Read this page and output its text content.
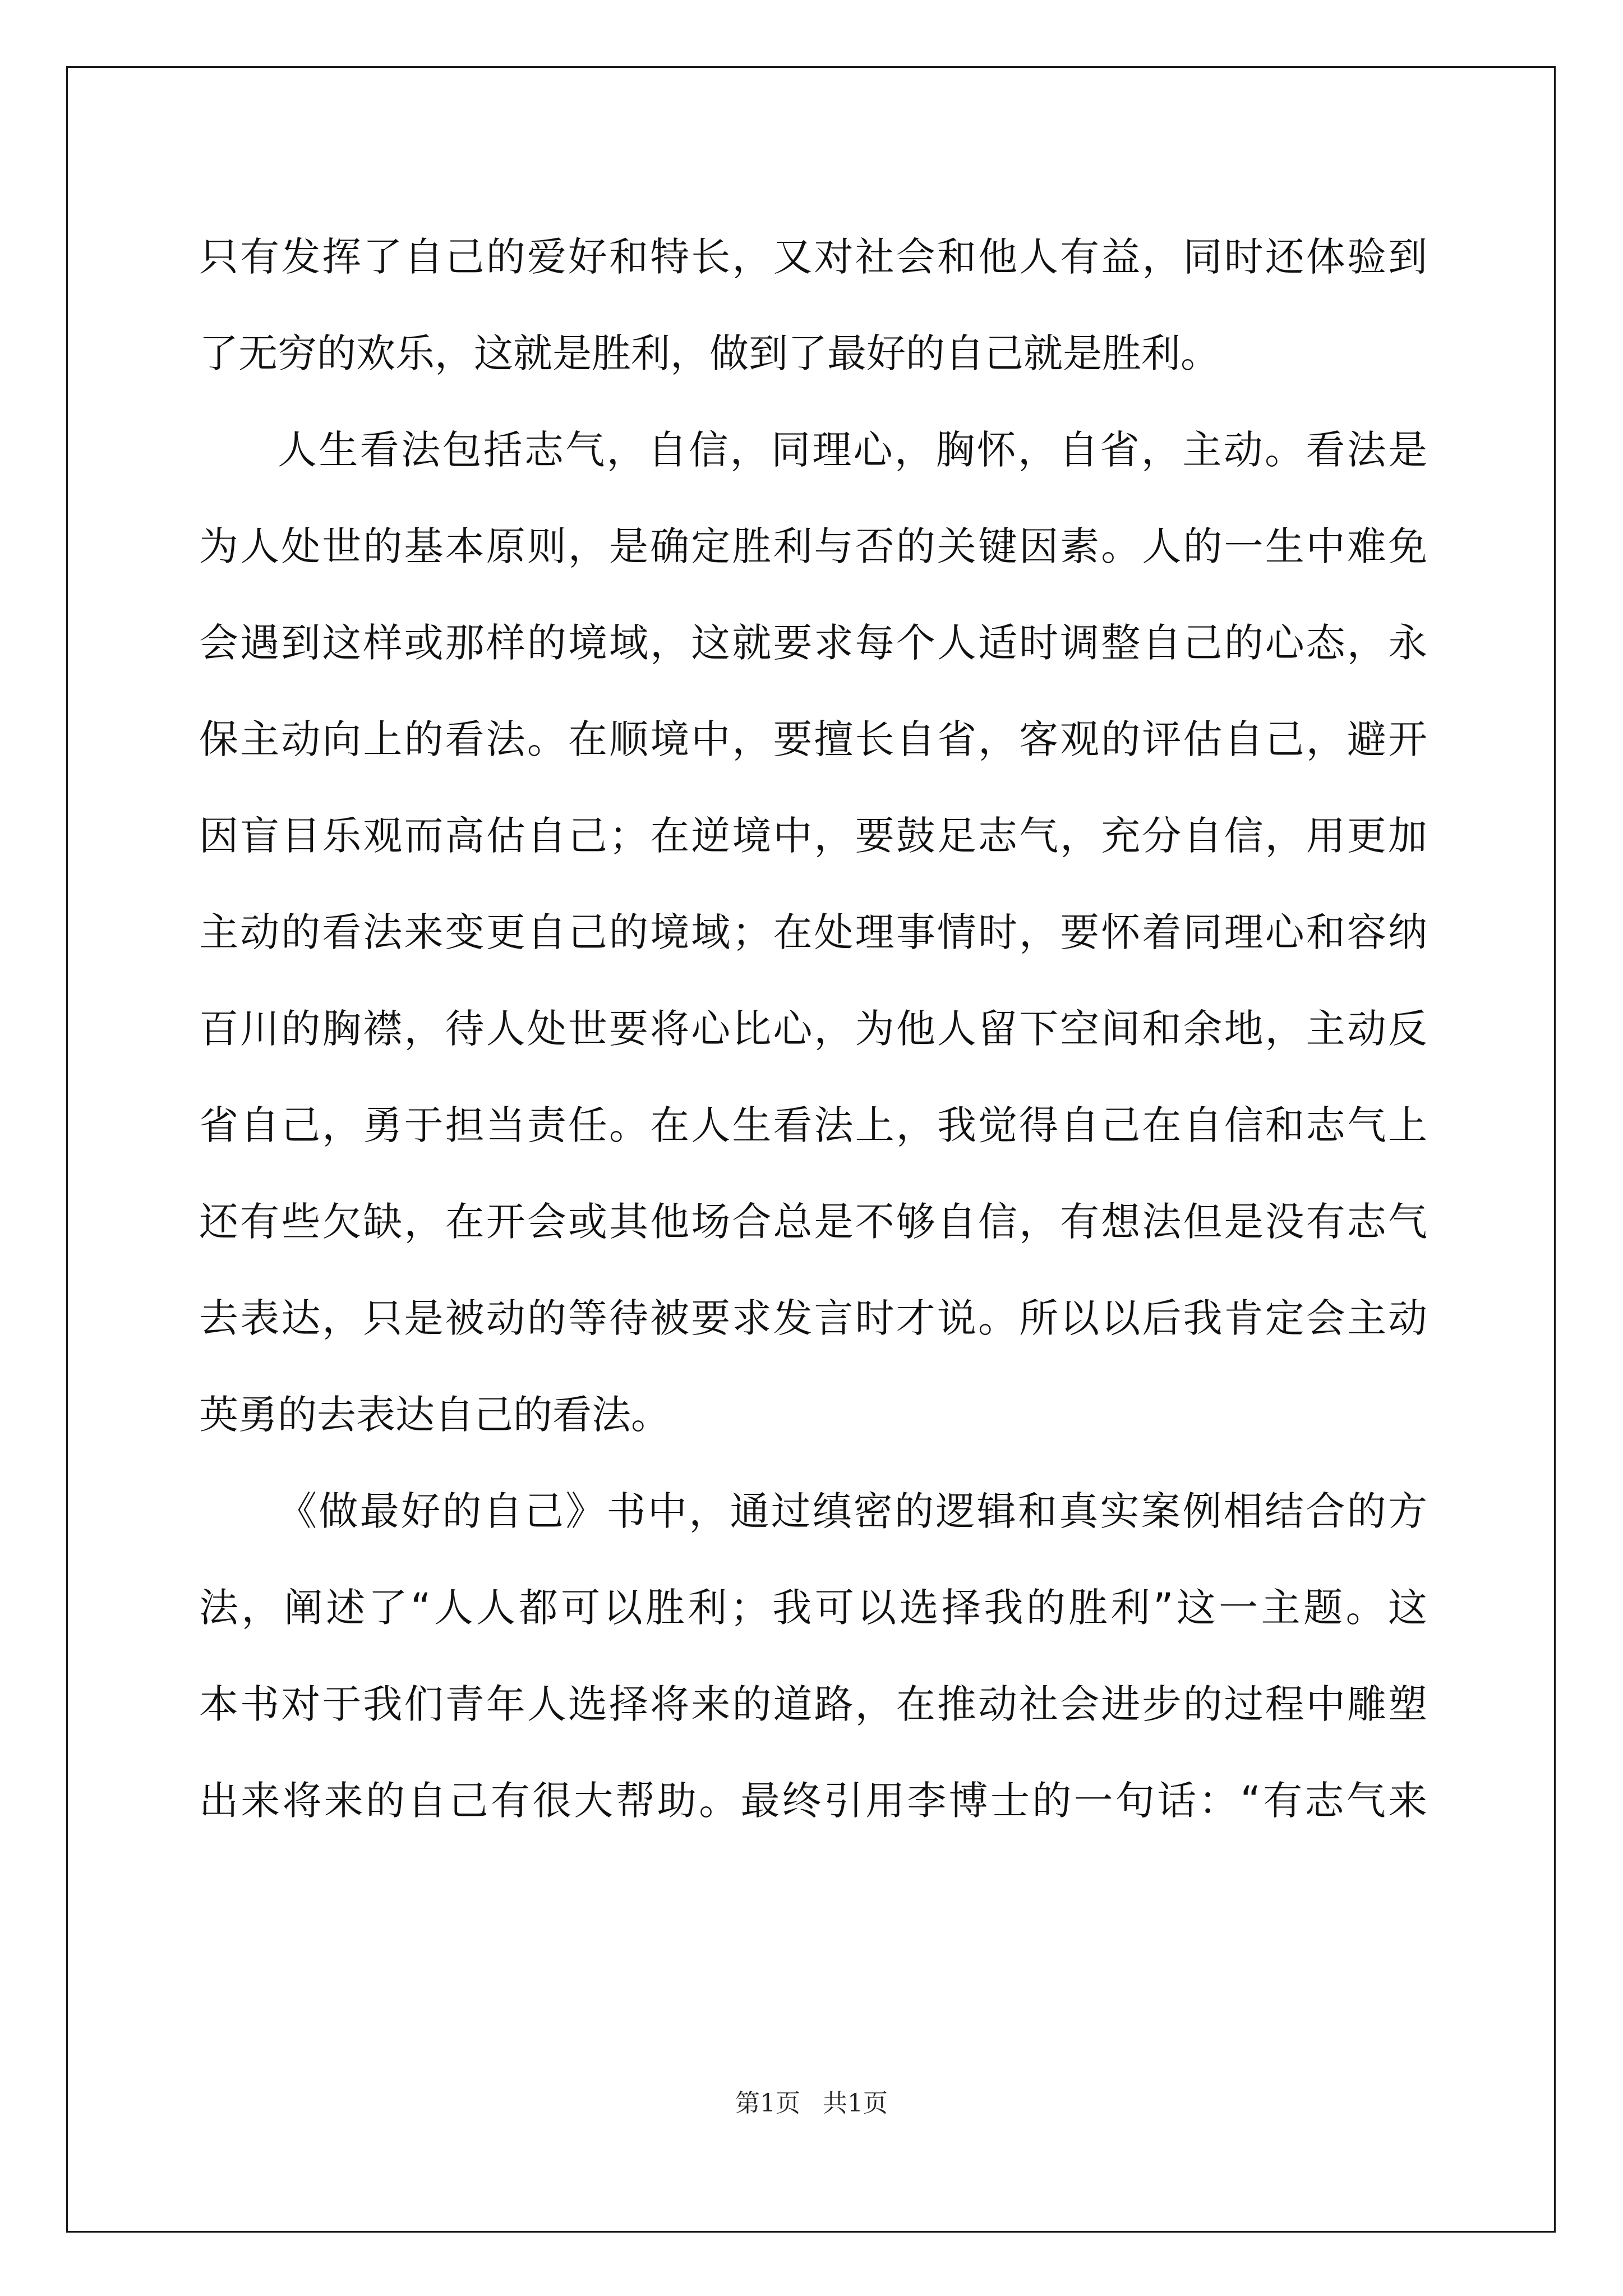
只有发挥了自己的爱好和特长，又对社会和他人有益，同时还体验到
了无穷的欢乐，这就是胜利，做到了最好的自己就是胜利。
人生看法包括志气，自信，同理心，胸怀，自省，主动。看法是
为人处世的基本原则，是确定胜利与否的关键因素。人的一生中难免
会遇到这样或那样的境域，这就要求每个人适时调整自己的心态，永
保主动向上的看法。在顺境中，要擅长自省，客观的评估自己，避开
因盲目乐观而高估自己；在逆境中，要鼓足志气，充分自信，用更加
主动的看法来变更自己的境域；在处理事情时，要怀着同理心和容纳
百川的胸襟，待人处世要将心比心，为他人留下空间和余地，主动反
省自己，勇于担当责任。在人生看法上，我觉得自己在自信和志气上
还有些欠缺，在开会或其他场合总是不够自信，有想法但是没有志气
去表达，只是被动的等待被要求发言时才说。所以以后我肯定会主动
英勇的去表达自己的看法。
《做最好的自己》书中，通过缜密的逻辑和真实案例相结合的方
法，阐述了“人人都可以胜利；我可以选择我的胜利”这一主题。这
本书对于我们青年人选择将来的道路，在推动社会进步的过程中雕塑
出来将来的自己有很大帮助。最终引用李博士的一句话：“有志气来
第1页 共1页
